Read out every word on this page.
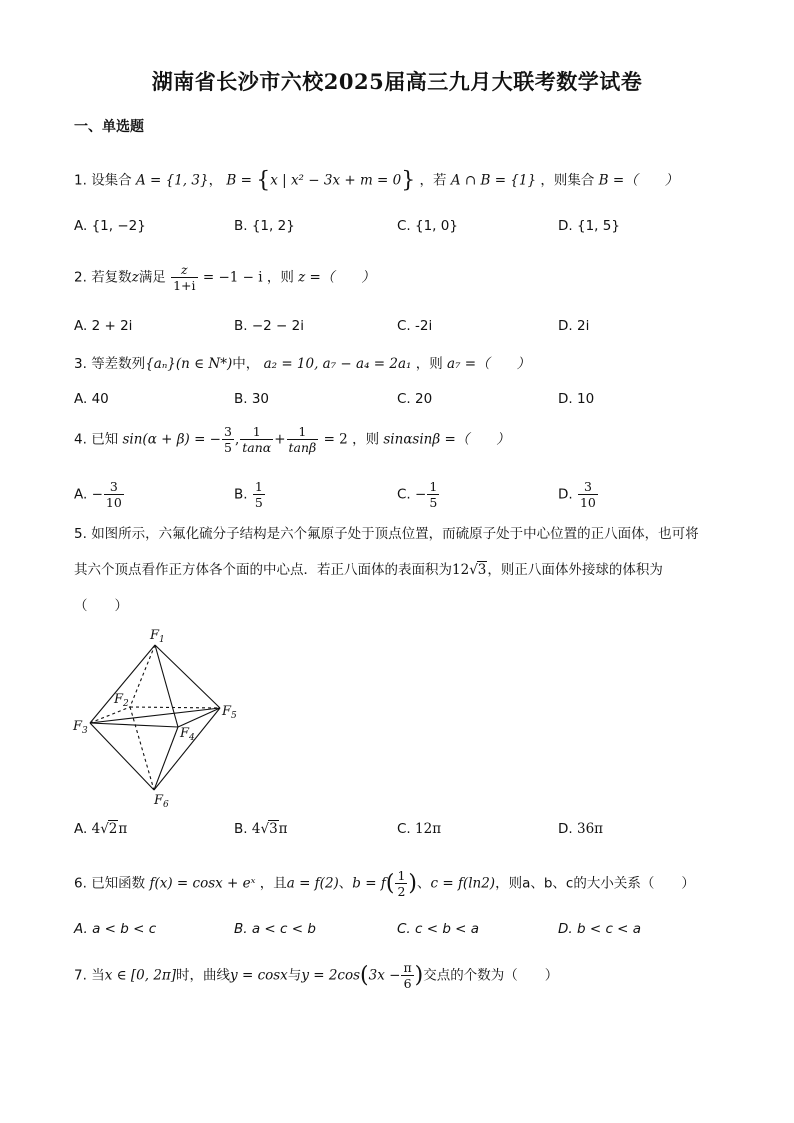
湖南省长沙市六校2025届高三九月大联考数学试卷
一、单选题
1. 设集合 A = {1, 3}， B = {x | x² − 3x + m = 0} ，若 A ∩ B = {1} ，则集合 B =（　　）
A. {1, −2}	B. {1, 2}	C. {1, 0}	D. {1, 5}
2. 若复数z满足 $\frac{z}{1+i} = -1 - i$ ，则 z =（　　）
A. 2 + 2i	B. −2 − 2i	C. -2i	D. 2i
3. 等差数列{aₙ}(n ∈ N*)中， a₂ = 10, a₇ − a₄ = 2a₁ ，则 a₇ =（　　）
A. 40	B. 30	C. 20	D. 10
4. 已知 sin(α + β) = − $\frac{3}{5}$ , $\frac{1}{\tan\alpha} + \frac{1}{\tan\beta} = 2$ ，则 sinαsinβ =（　　）
A. − $\frac{3}{10}$	B. $\frac{1}{5}$	C. − $\frac{1}{5}$	D. $\frac{3}{10}$
5. 如图所示，六氟化硫分子结构是六个氟原子处于顶点位置，而硫原子处于中心位置的正八面体，也可将
其六个顶点看作正方体各个面的中心点．若正八面体的表面积为12√3，则正八面体外接球的体积为
（　　）
$F_1$
$F_2$
$F_3$	$F_4$
$F_5$
$F_6$
A. 4√2π	B. 4√3π	C. 12π	D. 36π
6. 已知函数 f(x) = cosx + eˣ ，且a = f(2)、$b = f( \frac{1}{2}$ )、c = f(ln2)，则a、b、c的大小关系（　　）
A. a < b < c	B. a < c < b	C. c < b < a	D. b < c < a
7. 当x ∈ [0, 2π]时，曲线y = cosx与$y = 2\cos(3x - \frac{\pi}{6}$ )交点的个数为（　　）
